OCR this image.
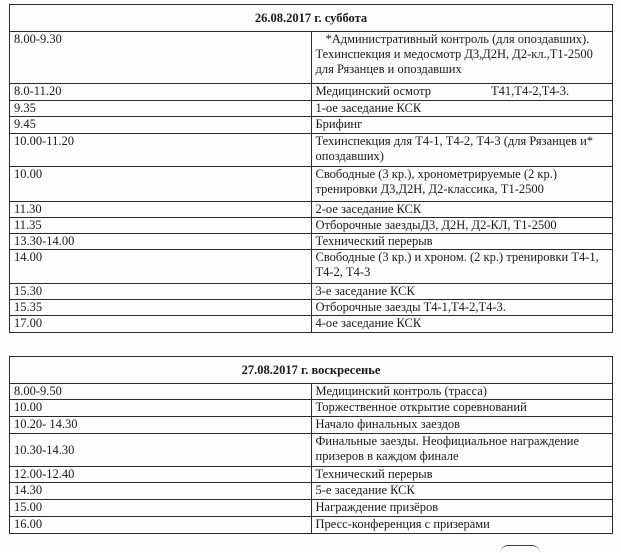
26.08.2017 г. суббота	
8.00-9.30	*Административный контроль (для опоздавших). Техинспекция и медосмотр Д3,Д2Н, Д2-кл.,Т1-2500 для Рязанцев и опоздавших
8.0-11.20	Медицинский осмотр Т41,Т4-2,Т4-3.
9.35	1-ое заседание КСК
9.45	Брифинг
10.00-11.20	Техинспекция для Т4-1, Т4-2, Т4-3 (для Рязанцев и* опоздавших)
10.00	Свободные (3 кр.), хронометрируемые (2 кр.) тренировки Д3,Д2Н, Д2-классика, Т1-2500
11.30	2-ое заседание КСК
11.35	Отборочные заездыД3, Д2Н, Д2-КЛ, Т1-2500
13.30-14.00	Технический перерыв
14.00	Свободные (3 кр.) и хроном. (2 кр.) тренировки Т4-1, Т4-2, Т4-3
15.30	3-е заседание КСК
15.35	Отборочные заезды Т4-1,Т4-2,Т4-3.
17.00	4-ое заседание КСК
27.08.2017 г. воскресенье	
8.00-9.50	Медицинский контроль (трасса)
10.00	Торжественное открытие соревнований
10.20- 14.30	Начало финальных заездов
10.30-14.30	Финальные заезды. Неофициальное награждение призеров в каждом финале
12.00-12.40	Технический перерыв
14.30	5-е заседание КСК
15.00	Награждение призёров
16.00	Пресс-конференция с призерами
